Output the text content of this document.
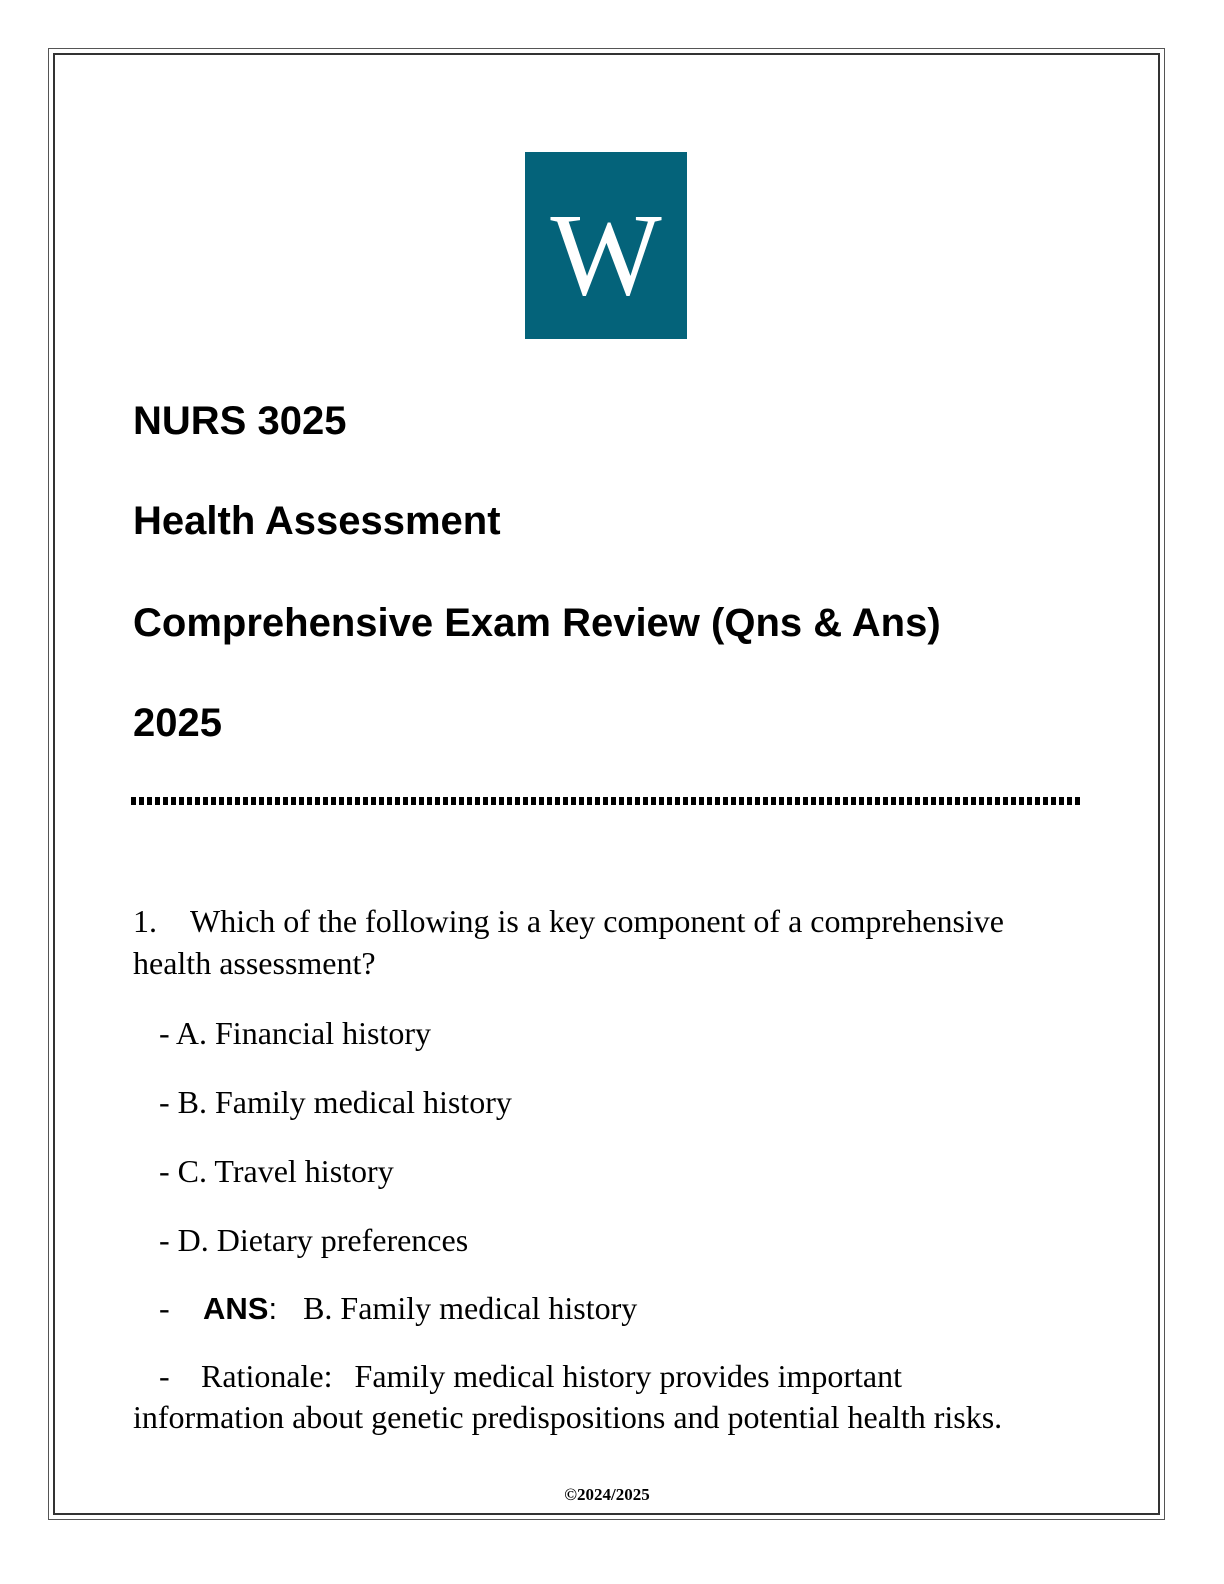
W
NURS 3025
Health Assessment
Comprehensive Exam Review (Qns & Ans)
2025

1. Which of the following is a key component of a comprehensive health assessment?

- A. Financial history

- B. Family medical history

- C. Travel history

- D. Dietary preferences

- ANS: B. Family medical history

- Rationale: Family medical history provides important information about genetic predispositions and potential health risks.

©2024/2025
